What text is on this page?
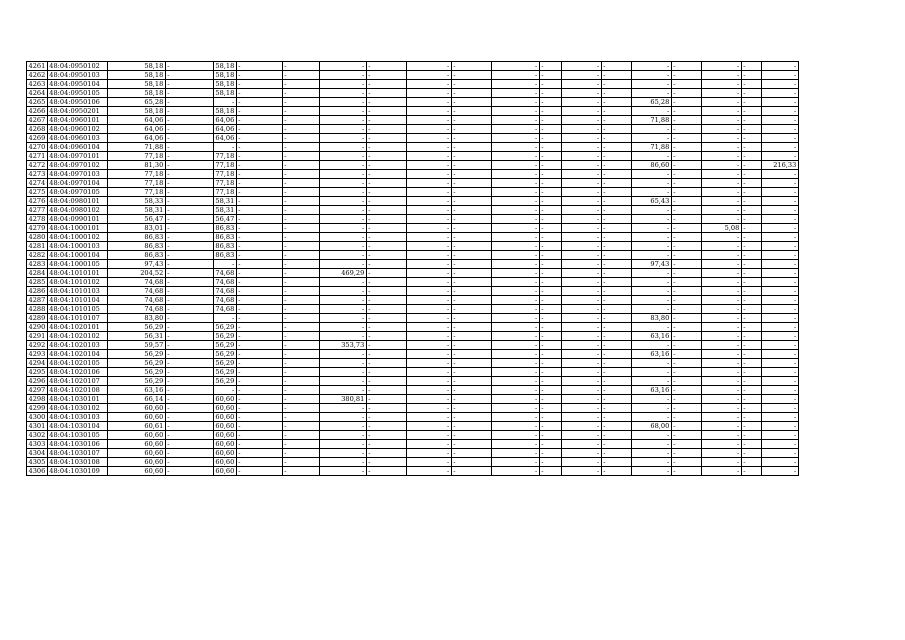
4261	48:04:0950102	58,18	-	58,18	-	-	-	-	-	-	-	-	-	-	-	-	-	-	-
4262	48:04:0950103	58,18	-	58,18	-	-	-	-	-	-	-	-	-	-	-	-	-	-	-
4263	48:04:0950104	58,18	-	58,18	-	-	-	-	-	-	-	-	-	-	-	-	-	-	-
4264	48:04:0950105	58,18	-	58,18	-	-	-	-	-	-	-	-	-	-	-	-	-	-	-
4265	48:04:0950106	65,28	-	-	-	-	-	-	-	-	-	-	-	-	65,28	-	-	-	-
4266	48:04:0950201	58,18	-	58,18	-	-	-	-	-	-	-	-	-	-	-	-	-	-	-
4267	48:04:0960101	64,06	-	64,06	-	-	-	-	-	-	-	-	-	-	71,88	-	-	-	-
4268	48:04:0960102	64,06	-	64,06	-	-	-	-	-	-	-	-	-	-	-	-	-	-	-
4269	48:04:0960103	64,06	-	64,06	-	-	-	-	-	-	-	-	-	-	-	-	-	-	-
4270	48:04:0960104	71,88	-	-	-	-	-	-	-	-	-	-	-	-	71,88	-	-	-	-
4271	48:04:0970101	77,18	-	77,18	-	-	-	-	-	-	-	-	-	-	-	-	-	-	-
4272	48:04:0970102	81,30	-	77,18	-	-	-	-	-	-	-	-	-	-	86,60	-	-	-	216,33
4273	48:04:0970103	77,18	-	77,18	-	-	-	-	-	-	-	-	-	-	-	-	-	-	-
4274	48:04:0970104	77,18	-	77,18	-	-	-	-	-	-	-	-	-	-	-	-	-	-	-
4275	48:04:0970105	77,18	-	77,18	-	-	-	-	-	-	-	-	-	-	-	-	-	-	-
4276	48:04:0980101	58,33	-	58,31	-	-	-	-	-	-	-	-	-	-	65,43	-	-	-	-
4277	48:04:0980102	58,31	-	58,31	-	-	-	-	-	-	-	-	-	-	-	-	-	-	-
4278	48:04:0990101	56,47	-	56,47	-	-	-	-	-	-	-	-	-	-	-	-	-	-	-
4279	48:04:1000101	83,01	-	86,83	-	-	-	-	-	-	-	-	-	-	-	-	5,08	-	-
4280	48:04:1000102	86,83	-	86,83	-	-	-	-	-	-	-	-	-	-	-	-	-	-	-
4281	48:04:1000103	86,83	-	86,83	-	-	-	-	-	-	-	-	-	-	-	-	-	-	-
4282	48:04:1000104	86,83	-	86,83	-	-	-	-	-	-	-	-	-	-	-	-	-	-	-
4283	48:04:1000105	97,43	-	-	-	-	-	-	-	-	-	-	-	-	97,43	-	-	-	-
4284	48:04:1010101	204,52	-	74,68	-	-	469,29	-	-	-	-	-	-	-	-	-	-	-	-
4285	48:04:1010102	74,68	-	74,68	-	-	-	-	-	-	-	-	-	-	-	-	-	-	-
4286	48:04:1010103	74,68	-	74,68	-	-	-	-	-	-	-	-	-	-	-	-	-	-	-
4287	48:04:1010104	74,68	-	74,68	-	-	-	-	-	-	-	-	-	-	-	-	-	-	-
4288	48:04:1010105	74,68	-	74,68	-	-	-	-	-	-	-	-	-	-	-	-	-	-	-
4289	48:04:1010107	83,80	-	-	-	-	-	-	-	-	-	-	-	-	83,80	-	-	-	-
4290	48:04:1020101	56,29	-	56,29	-	-	-	-	-	-	-	-	-	-	-	-	-	-	-
4291	48:04:1020102	56,31	-	56,29	-	-	-	-	-	-	-	-	-	-	63,16	-	-	-	-
4292	48:04:1020103	59,57	-	56,29	-	-	353,73	-	-	-	-	-	-	-	-	-	-	-	-
4293	48:04:1020104	56,29	-	56,29	-	-	-	-	-	-	-	-	-	-	63,16	-	-	-	-
4294	48:04:1020105	56,29	-	56,29	-	-	-	-	-	-	-	-	-	-	-	-	-	-	-
4295	48:04:1020106	56,29	-	56,29	-	-	-	-	-	-	-	-	-	-	-	-	-	-	-
4296	48:04:1020107	56,29	-	56,29	-	-	-	-	-	-	-	-	-	-	-	-	-	-	-
4297	48:04:1020108	63,16	-	-	-	-	-	-	-	-	-	-	-	-	63,16	-	-	-	-
4298	48:04:1030101	66,14	-	60,60	-	-	380,81	-	-	-	-	-	-	-	-	-	-	-	-
4299	48:04:1030102	60,60	-	60,60	-	-	-	-	-	-	-	-	-	-	-	-	-	-	-
4300	48:04:1030103	60,60	-	60,60	-	-	-	-	-	-	-	-	-	-	-	-	-	-	-
4301	48:04:1030104	60,61	-	60,60	-	-	-	-	-	-	-	-	-	-	68,00	-	-	-	-
4302	48:04:1030105	60,60	-	60,60	-	-	-	-	-	-	-	-	-	-	-	-	-	-	-
4303	48:04:1030106	60,60	-	60,60	-	-	-	-	-	-	-	-	-	-	-	-	-	-	-
4304	48:04:1030107	60,60	-	60,60	-	-	-	-	-	-	-	-	-	-	-	-	-	-	-
4305	48:04:1030108	60,60	-	60,60	-	-	-	-	-	-	-	-	-	-	-	-	-	-	-
4306	48:04:1030109	60,60	-	60,60	-	-	-	-	-	-	-	-	-	-	-	-	-	-	-
